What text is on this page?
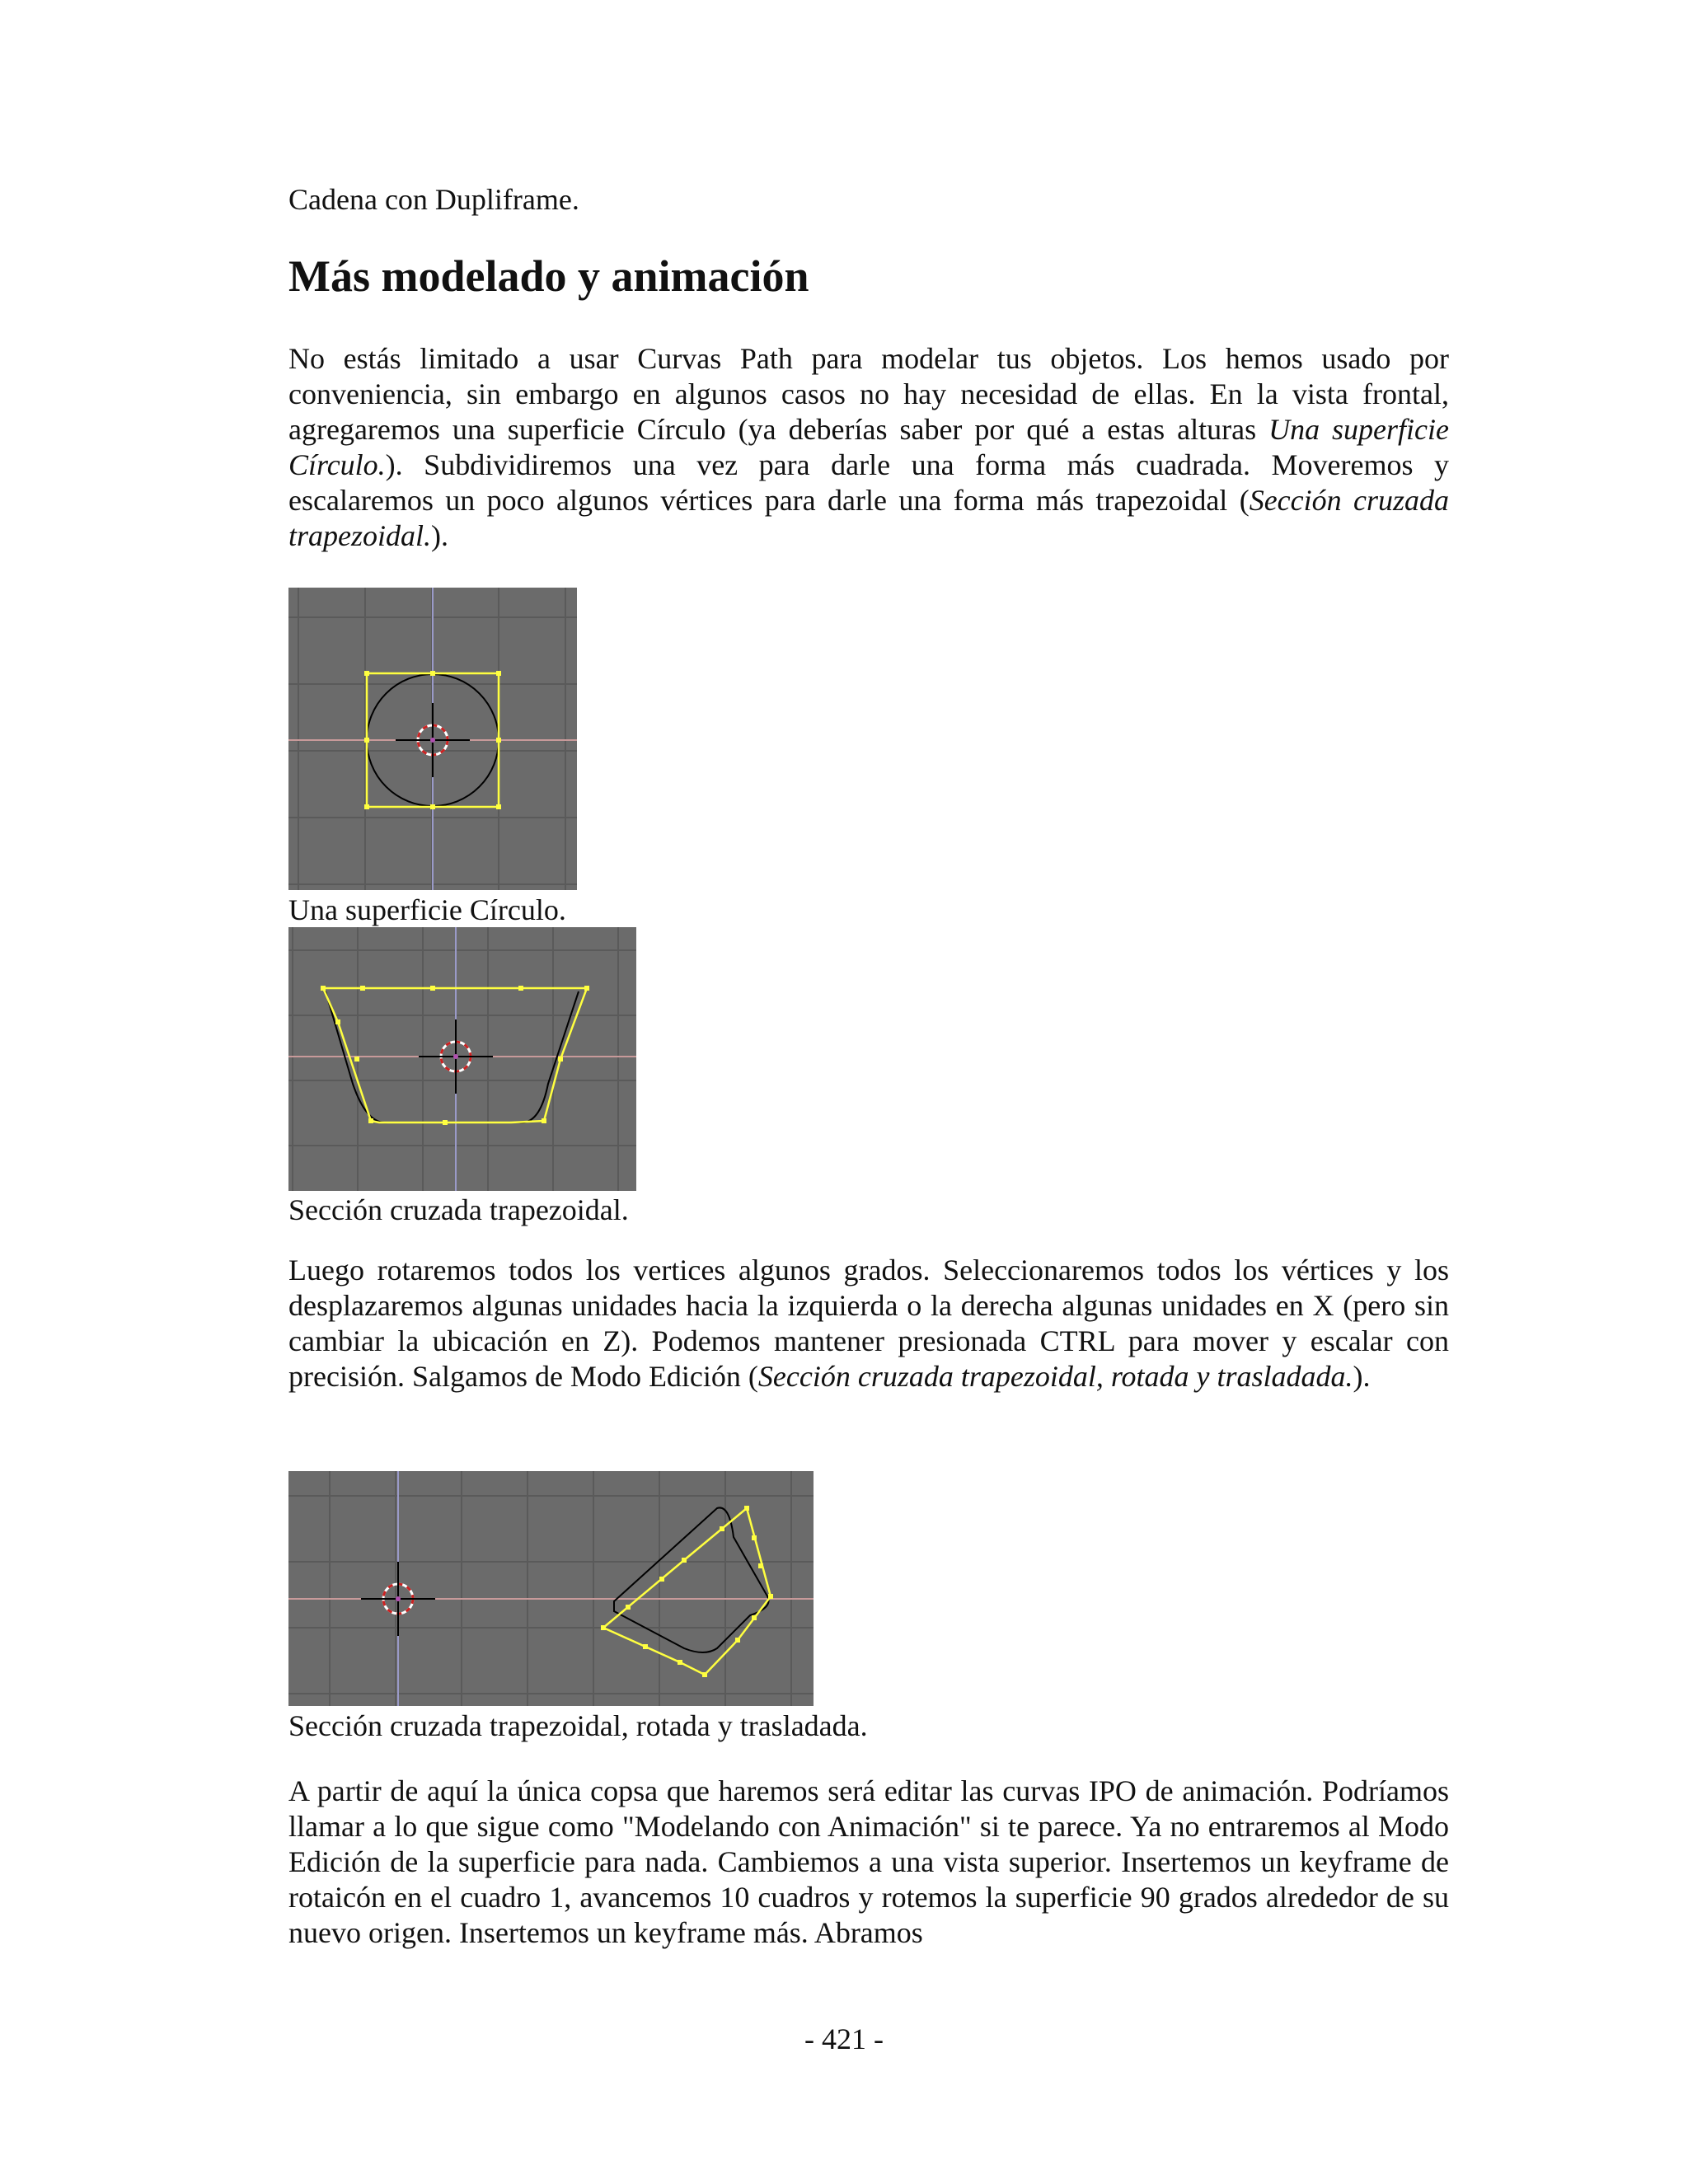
Cadena con Dupliframe.
Más modelado y animación

No estás limitado a usar Curvas Path para modelar tus objetos. Los hemos usado por conveniencia, sin embargo en algunos casos no hay necesidad de ellas. En la vista frontal, agregaremos una superficie Círculo (ya deberías saber por qué a estas alturas Una superficie Círculo.). Subdividiremos una vez para darle una forma más cuadrada. Moveremos y escalaremos un poco algunos vértices para darle una forma más trapezoidal (Sección cruzada trapezoidal.).

Una superficie Círculo.
Sección cruzada trapezoidal.

Luego rotaremos todos los vertices algunos grados. Seleccionaremos todos los vértices y los desplazaremos algunas unidades hacia la izquierda o la derecha algunas unidades en X (pero sin cambiar la ubicación en Z). Podemos mantener presionada CTRL para mover y escalar con precisión. Salgamos de Modo Edición (Sección cruzada trapezoidal, rotada y trasladada.).

Sección cruzada trapezoidal, rotada y trasladada.

A partir de aquí la única copsa que haremos será editar las curvas IPO de animación. Podríamos llamar a lo que sigue como "Modelando con Animación" si te parece. Ya no entraremos al Modo Edición de la superficie para nada. Cambiemos a una vista superior. Insertemos un keyframe de rotaicón en el cuadro 1, avancemos 10 cuadros y rotemos la superficie 90 grados alrededor de su nuevo origen. Insertemos un keyframe más. Abramos

- 421 -
